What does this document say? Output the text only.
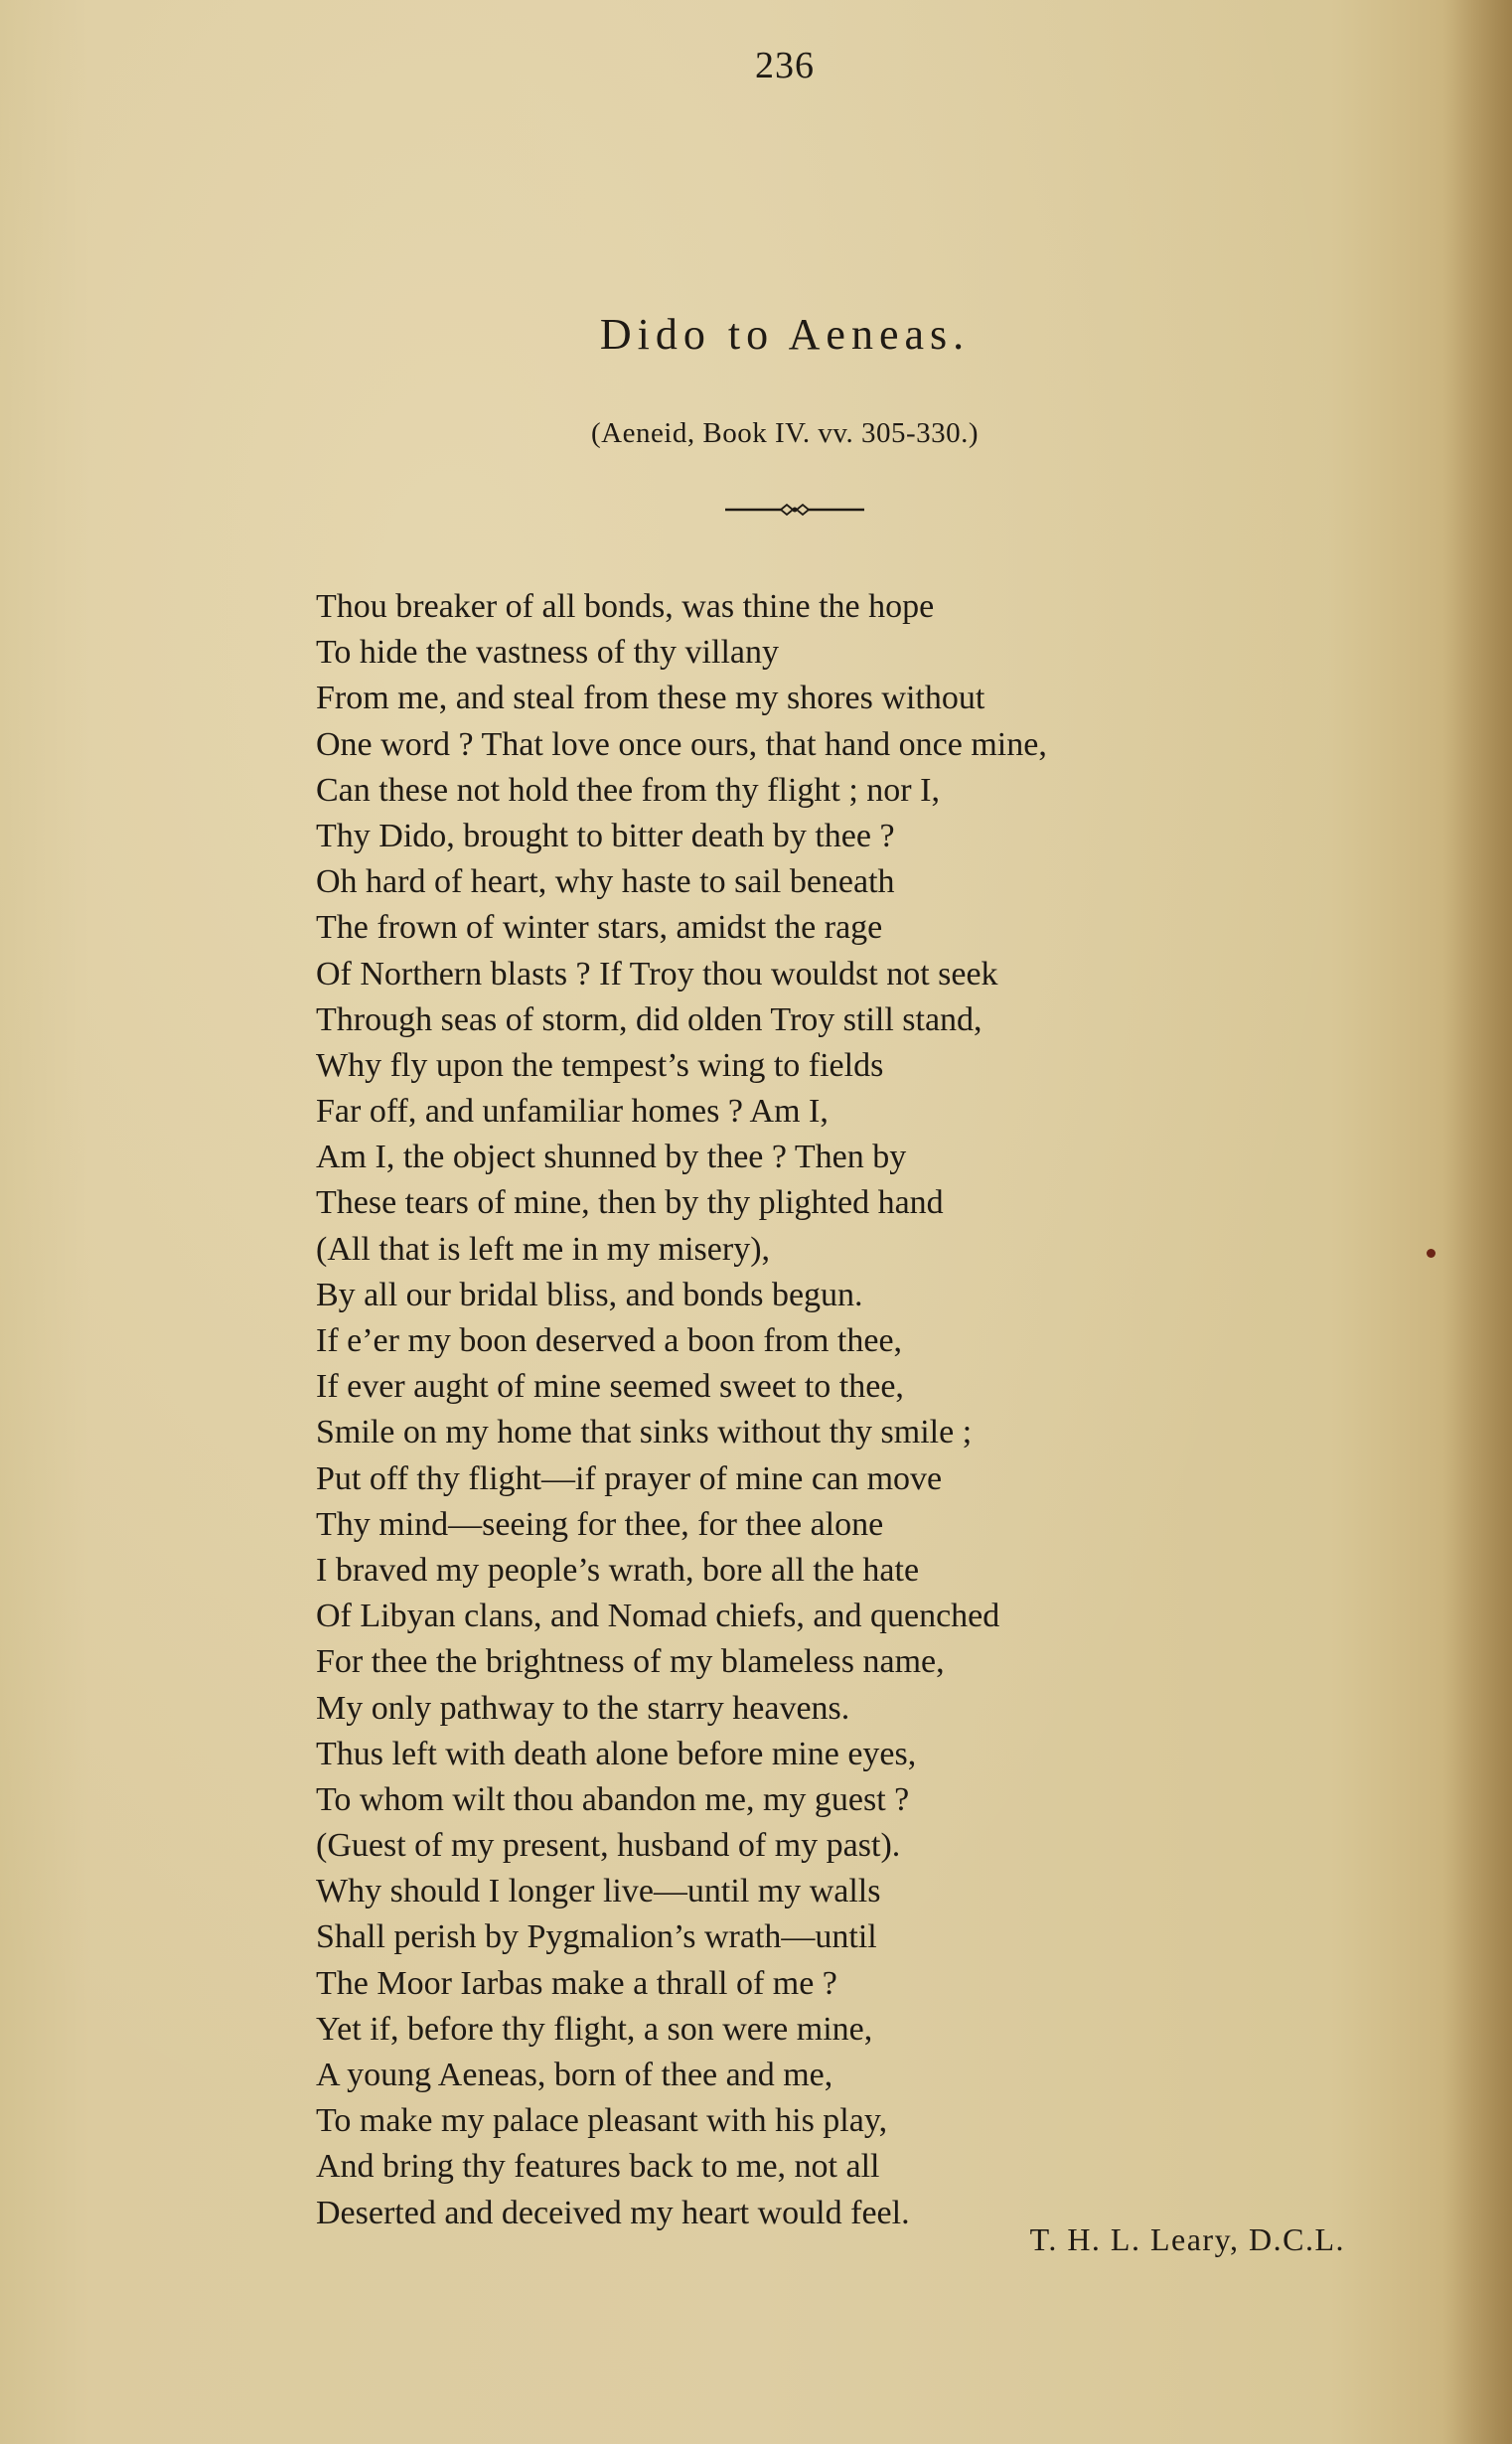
236
Dido to Aeneas.
(Aeneid, Book IV. vv. 305-330.)
Thou breaker of all bonds, was thine the hope
To hide the vastness of thy villany
From me, and steal from these my shores without
One word ? That love once ours, that hand once mine,
Can these not hold thee from thy flight ; nor I,
Thy Dido, brought to bitter death by thee ?
Oh hard of heart, why haste to sail beneath
The frown of winter stars, amidst the rage
Of Northern blasts ? If Troy thou wouldst not seek
Through seas of storm, did olden Troy still stand,
Why fly upon the tempest’s wing to fields
Far off, and unfamiliar homes ? Am I,
Am I, the object shunned by thee ? Then by
These tears of mine, then by thy plighted hand
(All that is left me in my misery),
By all our bridal bliss, and bonds begun.
If e’er my boon deserved a boon from thee,
If ever aught of mine seemed sweet to thee,
Smile on my home that sinks without thy smile ;
Put off thy flight—if prayer of mine can move
Thy mind—seeing for thee, for thee alone
I braved my people’s wrath, bore all the hate
Of Libyan clans, and Nomad chiefs, and quenched
For thee the brightness of my blameless name,
My only pathway to the starry heavens.
Thus left with death alone before mine eyes,
To whom wilt thou abandon me, my guest ?
(Guest of my present, husband of my past).
Why should I longer live—until my walls
Shall perish by Pygmalion’s wrath—until
The Moor Iarbas make a thrall of me ?
Yet if, before thy flight, a son were mine,
A young Aeneas, born of thee and me,
To make my palace pleasant with his play,
And bring thy features back to me, not all
Deserted and deceived my heart would feel.
T. H. L. Leary, D.C.L.
